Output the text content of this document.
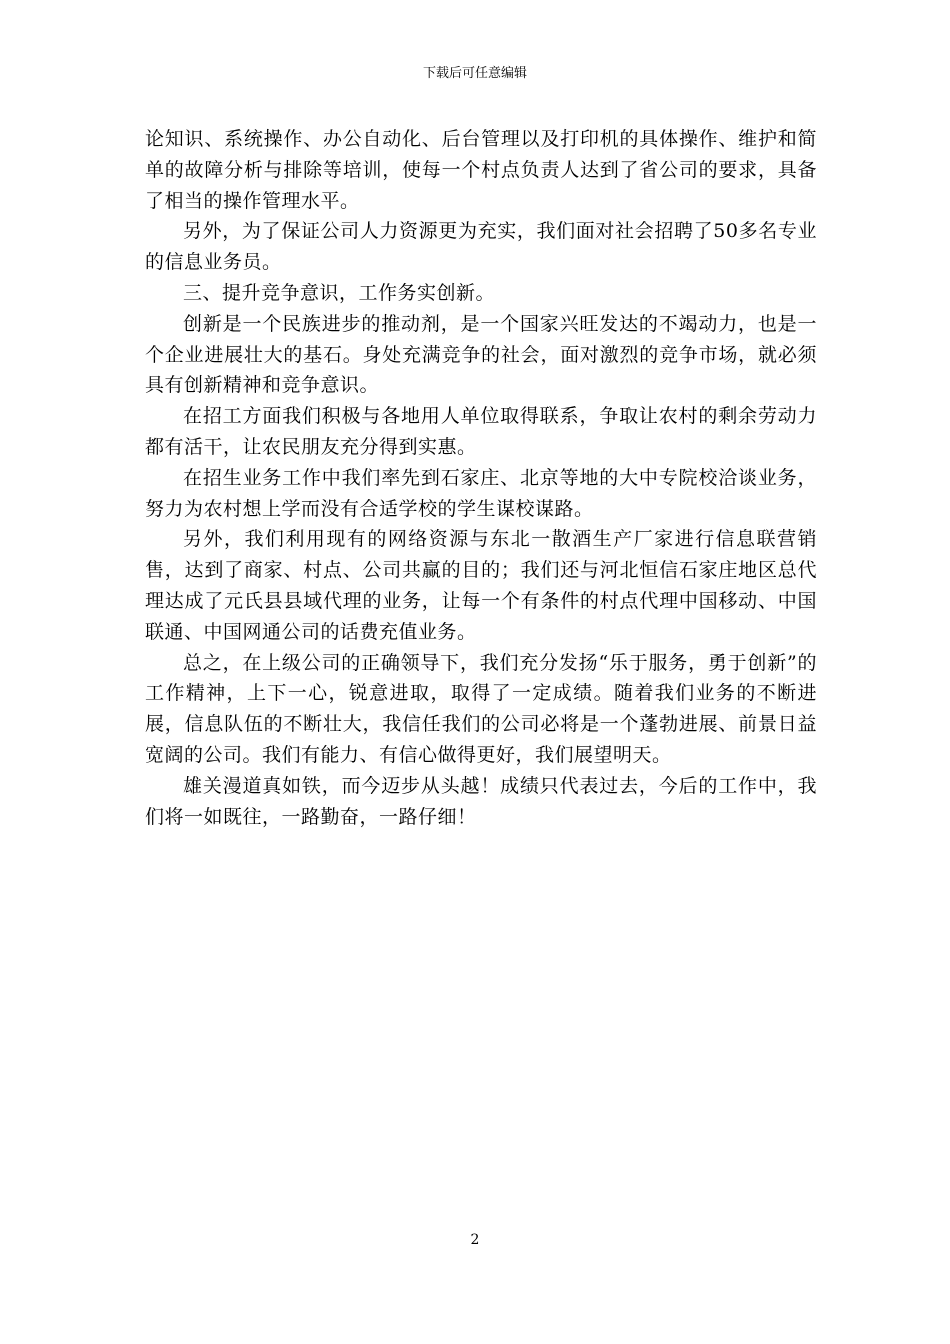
下载后可任意编辑

论知识、系统操作、办公自动化、后台管理以及打印机的具体操作、维护和简单的故障分析与排除等培训，使每一个村点负责人达到了省公司的要求，具备了相当的操作管理水平。

另外，为了保证公司人力资源更为充实，我们面对社会招聘了50多名专业的信息业务员。

三、提升竞争意识，工作务实创新。

创新是一个民族进步的推动剂，是一个国家兴旺发达的不竭动力，也是一个企业进展壮大的基石。身处充满竞争的社会，面对激烈的竞争市场，就必须具有创新精神和竞争意识。

在招工方面我们积极与各地用人单位取得联系，争取让农村的剩余劳动力都有活干，让农民朋友充分得到实惠。

在招生业务工作中我们率先到石家庄、北京等地的大中专院校洽谈业务，努力为农村想上学而没有合适学校的学生谋校谋路。

另外，我们利用现有的网络资源与东北一散酒生产厂家进行信息联营销售，达到了商家、村点、公司共赢的目的；我们还与河北恒信石家庄地区总代理达成了元氏县县域代理的业务，让每一个有条件的村点代理中国移动、中国联通、中国网通公司的话费充值业务。

总之，在上级公司的正确领导下，我们充分发扬“乐于服务，勇于创新”的工作精神，上下一心，锐意进取，取得了一定成绩。随着我们业务的不断进展，信息队伍的不断壮大，我信任我们的公司必将是一个蓬勃进展、前景日益宽阔的公司。我们有能力、有信心做得更好，我们展望明天。

雄关漫道真如铁，而今迈步从头越！成绩只代表过去，今后的工作中，我们将一如既往，一路勤奋，一路仔细！

2
